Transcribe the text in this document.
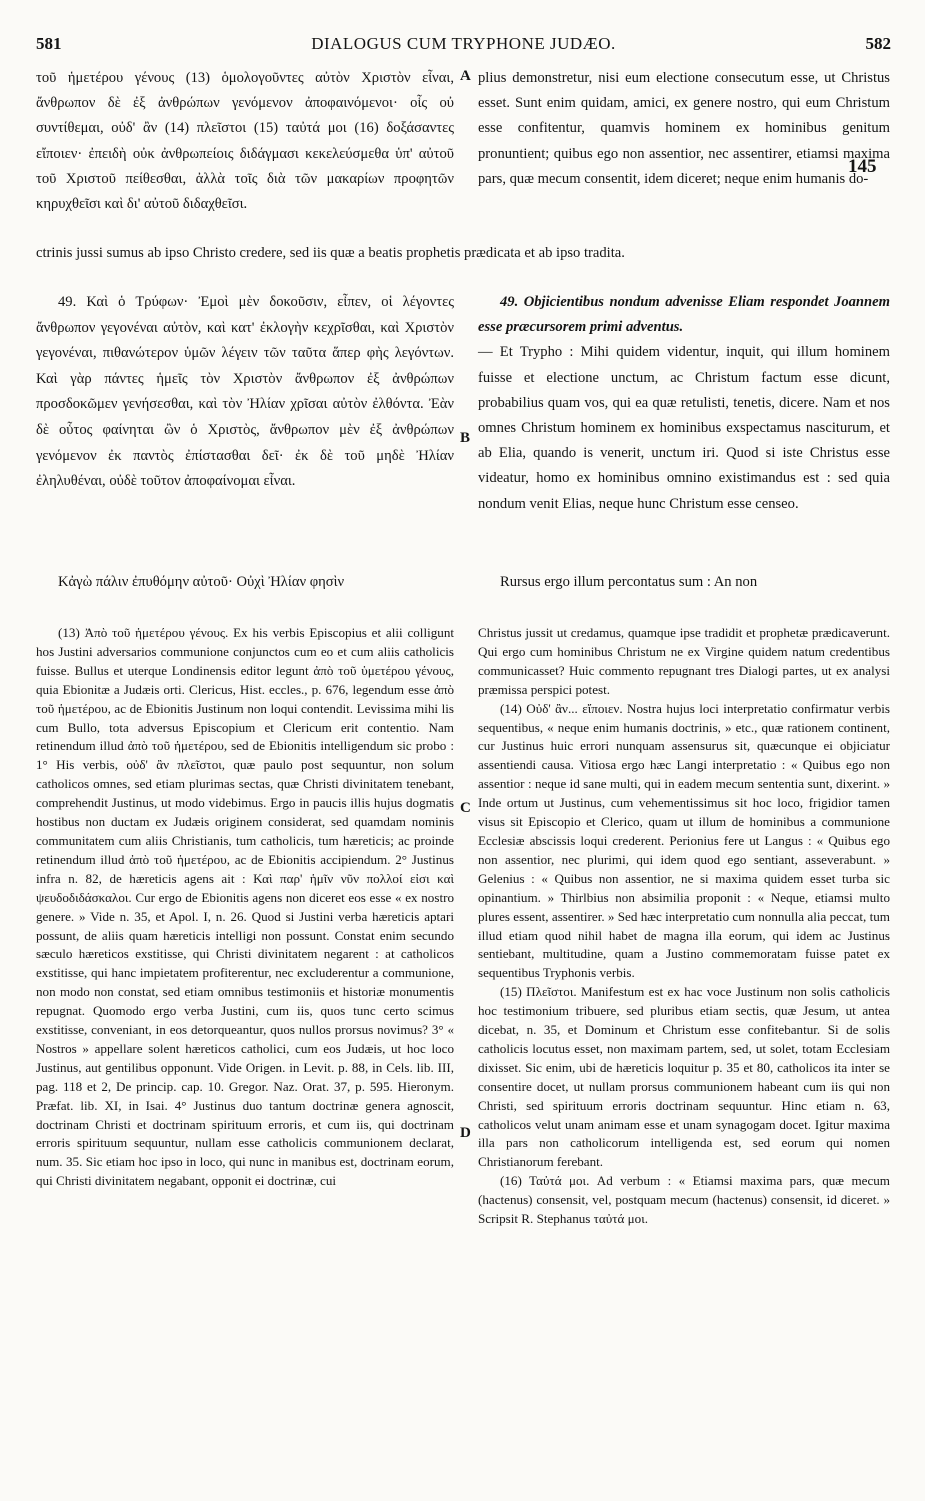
581	DIALOGUS CUM TRYPHONE JUDÆO.	582
A
B
C
D

τοῦ ἡμετέρου γένους (13) ὁμολογοῦντες αὐτὸν Χριστὸν εἶναι, ἄνθρωπον δὲ ἐξ ἀνθρώπων γενόμενον ἀποφαινόμενοι· οἷς οὐ συντίθεμαι, οὐδ' ἂν (14) πλεῖστοι (15) ταὐτά μοι (16) δοξάσαντες εἴποιεν· ἐπειδὴ οὐκ ἀνθρωπείοις διδάγμασι κεκελεύσμεθα ὑπ' αὐτοῦ τοῦ Χριστοῦ πείθεσθαι, ἀλλὰ τοῖς διὰ τῶν μακαρίων προφητῶν κηρυχθεῖσι καὶ δι' αὐτοῦ διδαχθεῖσι.

plius demonstretur, nisi eum electione consecutum esse, ut Christus esset. Sunt enim quidam, amici, ex genere nostro, qui eum Christum esse confitentur, quamvis hominem ex hominibus genitum pronuntient; quibus ego non assentior, nec assentirer, etiamsi maxima pars, quæ mecum consentit, idem diceret; neque enim humanis do-

145
ctrinis jussi sumus ab ipso Christo credere, sed iis quæ a beatis prophetis prædicata et ab ipso tradita.

49. Καὶ ὁ Τρύφων· Ἐμοὶ μὲν δοκοῦσιν, εἶπεν, οἱ λέγοντες ἄνθρωπον γεγονέναι αὐτὸν, καὶ κατ' ἐκλογὴν κεχρῖσθαι, καὶ Χριστὸν γεγονέναι, πιθανώτερον ὑμῶν λέγειν τῶν ταῦτα ἅπερ φὴς λεγόντων. Καὶ γὰρ πάντες ἡμεῖς τὸν Χριστὸν ἄνθρωπον ἐξ ἀνθρώπων προσδοκῶμεν γενήσεσθαι, καὶ τὸν Ἠλίαν χρῖσαι αὐτὸν ἐλθόντα. Ἐὰν δὲ οὗτος φαίνηται ὢν ὁ Χριστὸς, ἄνθρωπον μὲν ἐξ ἀνθρώπων γενόμενον ἐκ παντὸς ἐπίστασθαι δεῖ· ἐκ δὲ τοῦ μηδὲ Ἠλίαν ἐληλυθέναι, οὐδὲ τοῦτον ἀποφαίνομαι εἶναι.

49. Objicientibus nondum advenisse Eliam respondet Joannem esse præcursorem primi adventus.

— Et Trypho : Mihi quidem videntur, inquit, qui illum hominem fuisse et electione unctum, ac Christum factum esse dicunt, probabilius quam vos, qui ea quæ retulisti, tenetis, dicere. Nam et nos omnes Christum hominem ex hominibus exspectamus nasciturum, et ab Elia, quando is venerit, unctum iri. Quod si iste Christus esse videatur, homo ex hominibus omnino existimandus est : sed quia nondum venit Elias, neque hunc Christum esse censeo.

Κἀγὼ πάλιν ἐπυθόμην αὐτοῦ· Οὐχὶ Ἠλίαν φησὶν	Rursus ergo illum percontatus sum : An non

(13) Ἀπὸ τοῦ ἡμετέρου γένους. Ex his verbis Episcopius et alii colligunt hos Justini adversarios communione conjunctos cum eo et cum aliis catholicis fuisse. Bullus et uterque Londinensis editor legunt ἀπὸ τοῦ ὑμετέρου γένους, quia Ebionitæ a Judæis orti. Clericus, Hist. eccles., p. 676, legendum esse ἀπὸ τοῦ ἡμετέρου, ac de Ebionitis Justinum non loqui contendit. Levissima mihi lis cum Bullo, tota adversus Episcopium et Clericum erit contentio. Nam retinendum illud ἀπὸ τοῦ ἡμετέρου, sed de Ebionitis intelligendum sic probo : 1° His verbis, οὐδ' ἂν πλεῖστοι, quæ paulo post sequuntur, non solum catholicos omnes, sed etiam plurimas sectas, quæ Christi divinitatem tenebant, comprehendit Justinus, ut modo videbimus. Ergo in paucis illis hujus dogmatis hostibus non ductam ex Judæis originem considerat, sed quamdam nominis communitatem cum aliis Christianis, tum catholicis, tum hæreticis; ac proinde retinendum illud ἀπὸ τοῦ ἡμετέρου, ac de Ebionitis accipiendum. 2° Justinus infra n. 82, de hæreticis agens ait : Καὶ παρ' ἡμῖν νῦν πολλοί εἰσι καὶ ψευδοδιδάσκαλοι. Cur ergo de Ebionitis agens non diceret eos esse « ex nostro genere. » Vide n. 35, et Apol. I, n. 26. Quod si Justini verba hæreticis aptari possunt, de aliis quam hæreticis intelligi non possunt. Constat enim secundo sæculo hæreticos exstitisse, qui Christi divinitatem negarent : at catholicos exstitisse, qui hanc impietatem profiterentur, nec excluderentur a communione, non modo non constat, sed etiam omnibus testimoniis et historiæ monumentis repugnat. Quomodo ergo verba Justini, cum iis, quos tunc certo scimus exstitisse, conveniant, in eos detorqueantur, quos nullos prorsus novimus? 3° « Nostros » appellare solent hæreticos catholici, cum eos Judæis, ut hoc loco Justinus, aut gentilibus opponunt. Vide Origen. in Levit. p. 88, in Cels. lib. III, pag. 118 et 2, De princip. cap. 10. Gregor. Naz. Orat. 37, p. 595. Hieronym. Præfat. lib. XI, in Isai. 4° Justinus duo tantum doctrinæ genera agnoscit, doctrinam Christi et doctrinam spirituum erroris, et cum iis, qui doctrinam erroris spirituum sequuntur, nullam esse catholicis communionem declarat, num. 35. Sic etiam hoc ipso in loco, qui nunc in manibus est, doctrinam eorum, qui Christi divinitatem negabant, opponit ei doctrinæ, cui

Christus jussit ut credamus, quamque ipse tradidit et prophetæ prædicaverunt. Qui ergo cum hominibus Christum ne ex Virgine quidem natum credentibus communicasset? Huic commento repugnant tres Dialogi partes, ut ex analysi præmissa perspici potest.

(14) Οὐδ' ἂν... εἴποιεν. Nostra hujus loci interpretatio confirmatur verbis sequentibus, « neque enim humanis doctrinis, » etc., quæ rationem continent, cur Justinus huic errori nunquam assensurus sit, quæcunque ei objiciatur assentiendi causa. Vitiosa ergo hæc Langi interpretatio : « Quibus ego non assentior : neque id sane multi, qui in eadem mecum sententia sunt, dixerint. » Inde ortum ut Justinus, cum vehementissimus sit hoc loco, frigidior tamen visus sit Episcopio et Clerico, quam ut illum de hominibus a communione Ecclesiæ abscissis loqui crederent. Perionius fere ut Langus : « Quibus ego non assentior, nec plurimi, qui idem quod ego sentiant, asseverabunt. » Gelenius : « Quibus non assentior, ne si maxima quidem esset turba sic opinantium. » Thirlbius non absimilia proponit : « Neque, etiamsi multo plures essent, assentirer. » Sed hæc interpretatio cum nonnulla alia peccat, tum illud etiam quod nihil habet de magna illa eorum, qui idem ac Justinus sentiebant, multitudine, quam a Justino commemoratam fuisse patet ex sequentibus Tryphonis verbis.

(15) Πλεῖστοι. Manifestum est ex hac voce Justinum non solis catholicis hoc testimonium tribuere, sed pluribus etiam sectis, quæ Jesum, ut antea dicebat, n. 35, et Dominum et Christum esse confitebantur. Si de solis catholicis locutus esset, non maximam partem, sed, ut solet, totam Ecclesiam dixisset. Sic enim, ubi de hæreticis loquitur p. 35 et 80, catholicos ita inter se consentire docet, ut nullam prorsus communionem habeant cum iis qui non Christi, sed spirituum erroris doctrinam sequuntur. Hinc etiam n. 63, catholicos velut unam animam esse et unam synagogam docet. Igitur maxima illa pars non catholicorum intelligenda est, sed eorum qui nomen Christianorum ferebant.

(16) Ταὐτά μοι. Ad verbum : « Etiamsi maxima pars, quæ mecum (hactenus) consensit, vel, postquam mecum (hactenus) consensit, id diceret. » Scripsit R. Stephanus ταὐτά μοι.
